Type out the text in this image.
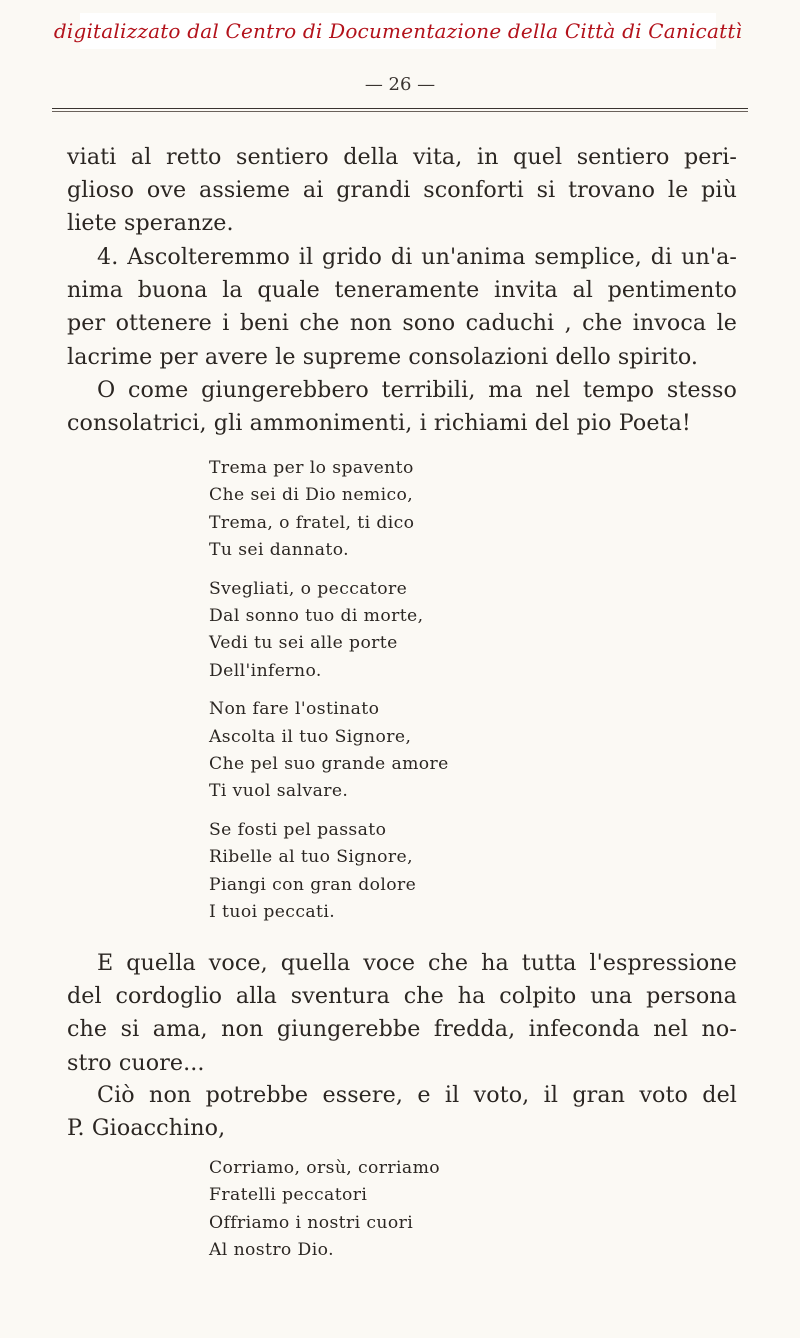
digitalizzato dal Centro di Documentazione della Città di Canicattì
— 26 —
viati al retto sentiero della vita, in quel sentiero peri-
glioso ove assieme ai grandi sconforti si trovano le più
liete speranze.
4. Ascolteremmo il grido di un'anima semplice, di un'a-
nima buona la quale teneramente invita al pentimento
per ottenere i beni che non sono caduchi , che invoca le
lacrime per avere le supreme consolazioni dello spirito.
O come giungerebbero terribili, ma nel tempo stesso
consolatrici, gli ammonimenti, i richiami del pio Poeta!
Trema per lo spavento
Che sei di Dio nemico,
Trema, o fratel, ti dico
Tu sei dannato.
Svegliati, o peccatore
Dal sonno tuo di morte,
Vedi tu sei alle porte
Dell'inferno.
Non fare l'ostinato
Ascolta il tuo Signore,
Che pel suo grande amore
Ti vuol salvare.
Se fosti pel passato
Ribelle al tuo Signore,
Piangi con gran dolore
I tuoi peccati.
E quella voce, quella voce che ha tutta l'espressione
del cordoglio alla sventura che ha colpito una persona
che si ama, non giungerebbe fredda, infeconda nel no-
stro cuore...
Ciò non potrebbe essere, e il voto, il gran voto del
P. Gioacchino,
Corriamo, orsù, corriamo
Fratelli peccatori
Offriamo i nostri cuori
Al nostro Dio.
